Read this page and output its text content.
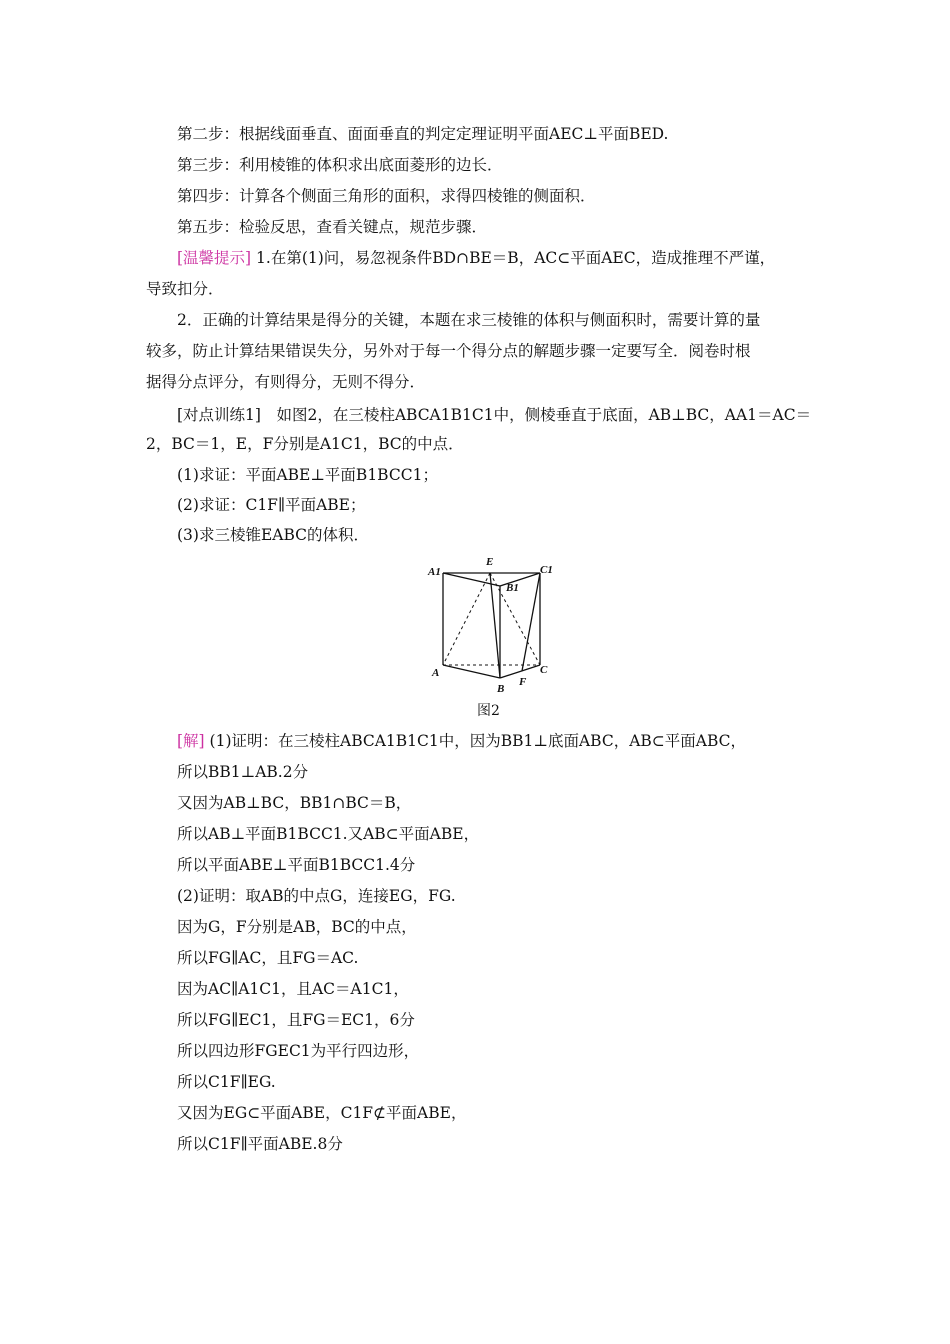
第二步：根据线面垂直、面面垂直的判定定理证明平面AEC⊥平面BED.
第三步：利用棱锥的体积求出底面菱形的边长．
第四步：计算各个侧面三角形的面积，求得四棱锥的侧面积．
第五步：检验反思，查看关键点，规范步骤．
[温馨提示] 1.在第(1)问，易忽视条件BD∩BE＝B，AC⊂平面AEC，造成推理不严谨，
导致扣分．
2．正确的计算结果是得分的关键，本题在求三棱锥的体积与侧面积时，需要计算的量
较多，防止计算结果错误失分，另外对于每一个得分点的解题步骤一定要写全．阅卷时根
据得分点评分，有则得分，无则不得分．
[对点训练1]　如图2，在三棱柱ABCA1B1C1中，侧棱垂直于底面，AB⊥BC，AA1＝AC＝
2，BC＝1，E，F分别是A1C1，BC的中点．
(1)求证：平面ABE⊥平面B1BCC1；
(2)求证：C1F∥平面ABE；
(3)求三棱锥EABC的体积．
A1
E
C1
B1
A
B
F
C
图2
[解] (1)证明：在三棱柱ABCA1B1C1中，因为BB1⊥底面ABC，AB⊂平面ABC，
所以BB1⊥AB.2分
又因为AB⊥BC，BB1∩BC＝B，
所以AB⊥平面B1BCC1.又AB⊂平面ABE，
所以平面ABE⊥平面B1BCC1.4分
(2)证明：取AB的中点G，连接EG，FG.
因为G，F分别是AB，BC的中点，
所以FG∥AC，且FG＝AC.
因为AC∥A1C1，且AC＝A1C1，
所以FG∥EC1，且FG＝EC1，6分
所以四边形FGEC1为平行四边形，
所以C1F∥EG.
又因为EG⊂平面ABE，C1F⊄平面ABE，
所以C1F∥平面ABE.8分
